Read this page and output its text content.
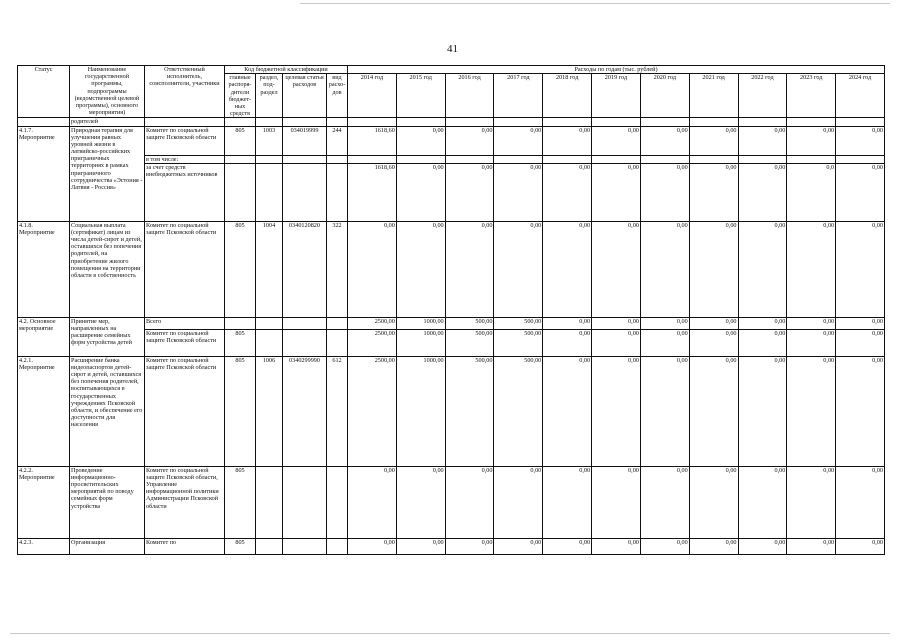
41
Статус	Наименование государственной программы, подпрограммы (ведомственной целевой программы), основного мероприятия)	Ответственный исполнитель, соисполнители, участники	Код бюджетной классификации				Расходы по годам (тыс. рублей)										
			главные распоря-дители бюджет-ных средств	раздел, под-раздел	целевая статья расходов	вид расхо-дов	2014 год	2015 год	2016 год	2017 год	2018 год	2019 год	2020 год	2021 год	2022 год	2023 год	2024 год
	родителей																
4.1.7. Мероприятие	Природная терапия для улучшения равных уровней жизни в латвийско-российских приграничных территориях в рамках приграничного сотрудничества «Эстония - Латвия - Россия»	Комитет по социальной защите Псковской области	805	1003	034019999	244	1618,60	0,00	0,00	0,00	0,00	0,00	0,00	0,00	0,00	0,00	0,00
		в том числе:															
		за счет средств внебюджетных источников					1618,60	0,00	0,00	0,00	0,00	0,00	0,00	0,00	0,00	0,0	0,00
4.1.8. Мероприятие	Социальная выплата (сертификат) лицам из числа детей-сирот и детей, оставшихся без попечения родителей, на приобретение жилого помещения на территории области в собственность	Комитет по социальной защите Псковской области	805	1004	0340120820	322	0,00	0,00	0,00	0,00	0,00	0,00	0,00	0,00	0,00	0,00	0,00
4.2. Основное мероприятие	Принятие мер, направленных на расширение семейных форм устройства детей	Всего					2500,00	1000,00	500,00	500,00	0,00	0,00	0,00	0,00	0,00	0,00	0,00
		Комитет по социальной защите Псковской области	805				2500,00	1000,00	500,00	500,00	0,00	0,00	0,00	0,00	0,00	0,00	0,00
4.2.1. Мероприятие	Расширение банка видеопаспортов детей-сирот и детей, оставшихся без попечения родителей, воспитывающихся в государственных учреждениях Псковской области, и обеспечение его доступности для населения	Комитет по социальной защите Псковской области	805	1006	0340299990	612	2500,00	1000,00	500,00	500,00	0,00	0,00	0,00	0,00	0,00	0,00	0,00
4.2.2. Мероприятие	Проведение информационно-просветительских мероприятий по поводу семейных форм устройства	Комитет по социальной защите Псковской области, Управление информационной политики Администрации Псковской области	805				0,00	0,00	0,00	0,00	0,00	0,00	0,00	0,00	0,00	0,00	0,00
4.2.3.	Организация	Комитет по	805				0,00	0,00	0,00	0,00	0,00	0,00	0,00	0,00	0,00	0,00	0,00
